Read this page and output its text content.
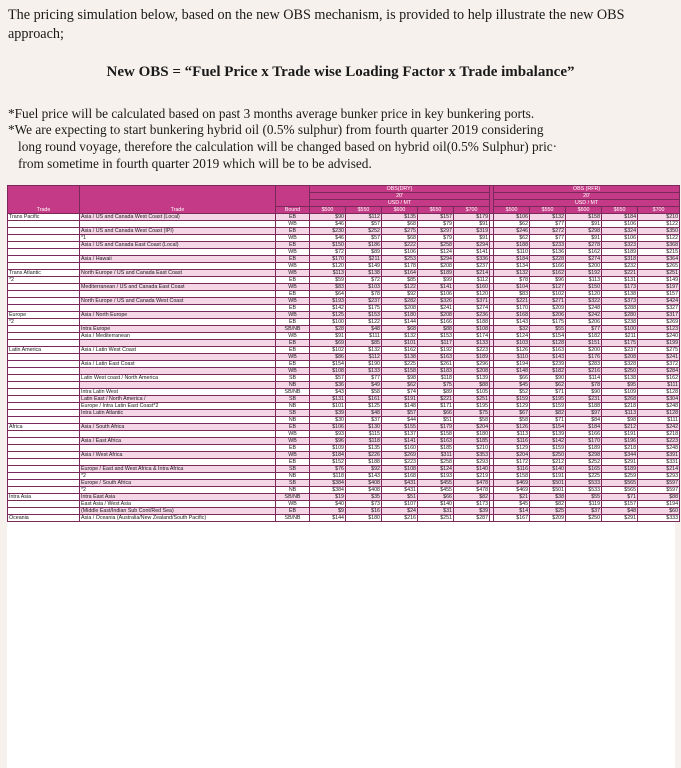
The pricing simulation below, based on the new OBS mechanism, is provided to help illustrate the new OBS approach;

New OBS = “Fuel Price x Trade wise Loading Factor x Trade imbalance”

*Fuel price will be calculated based on past 3 months average bunker price in key bunkering ports.

*We are expecting to start bunkering hybrid oil (0.5% sulphur) from fourth quarter 2019 considering

long round voyage, therefore the calculation will be changed based on hybrid oil(0.5% Sulphur) pric·

from sometime in fourth quarter 2019 which will be to be advised.

Trade	Trade		OBS(DRY)						OBS (RFR)				
			20'						20'				
			USD / MT						USD / MT				
		Bound	$500	$550	$600	$650	$700		$500	$550	$600	$650	$700
Trans Pacific	Asia / US and Canada West Coast (Local)	EB	$90	$112	$135	$157	$179		$106	$132	$158	$184	$210
		WB	$46	$57	$68	$79	$91		$62	$77	$91	$106	$122
	Asia / US and Canada West Coast (IPI)	EB	$230	$252	$275	$297	$319		$246	$272	$298	$324	$350
	*1	WB	$46	$57	$68	$79	$91		$62	$77	$91	$106	$122
	Asia / US and Canada East Coast (Local)	EB	$150	$186	$222	$258	$294		$188	$233	$278	$323	$368
		WB	$72	$89	$106	$124	$141		$110	$136	$162	$189	$215
	Asia / Hawaii	EB	$170	$211	$253	$294	$336		$184	$228	$274	$318	$364
		WB	$120	$149	$178	$208	$237		$134	$166	$200	$232	$265
Trans Atlantic	North Europe / US and Canada East Coast	WB	$113	$138	$164	$189	$214		$132	$162	$192	$221	$251
*2		EB	$59	$72	$85	$99	$112		$78	$96	$113	$131	$149
	Mediterranean / US and Canada East Coast	WB	$83	$103	$122	$141	$160		$104	$127	$150	$173	$197
		EB	$64	$78	$92	$106	$120		$83	$102	$120	$138	$157
	North Europe / US and Canada West Coast	WB	$193	$237	$282	$326	$371		$221	$271	$322	$373	$424
		EB	$142	$175	$208	$241	$274		$170	$209	$248	$288	$327
Europe	Asia / North Europe	WB	$125	$153	$180	$208	$236		$168	$206	$242	$280	$317
*2		EB	$100	$122	$144	$166	$188		$143	$175	$206	$238	$269
	Intra Europe	SB/NB	$28	$48	$68	$88	$108		$32	$55	$77	$100	$123
	Asia / Mediterranean	WB	$91	$111	$132	$153	$174		$124	$154	$182	$211	$240
		EB	$69	$85	$101	$117	$133		$103	$128	$151	$175	$199
Latin America	Asia / Latin West Coast	EB	$102	$132	$162	$192	$223		$126	$163	$200	$237	$275
		WB	$86	$112	$138	$163	$189		$110	$143	$176	$208	$241
	Asia / Latin East Coast	EB	$154	$190	$225	$261	$296		$194	$239	$283	$328	$372
		WB	$108	$133	$158	$183	$208		$148	$182	$216	$250	$284
	Latin West coast / North America	SB	$57	$77	$98	$118	$139		$66	$90	$114	$138	$162
		NB	$36	$49	$62	$75	$88		$45	$62	$78	$95	$111
	Intra Latin West	SB/NB	$43	$58	$74	$89	$105		$52	$71	$90	$109	$128
	Latin East / North America /	SB	$131	$161	$191	$221	$251		$159	$195	$231	$268	$304
	Europe / Intra Latin East Coast*2	NB	$101	$125	$148	$171	$195		$129	$159	$188	$218	$248
	Intra Latin Atlantic	SB	$39	$48	$57	$66	$75		$67	$82	$97	$113	$128
		NB	$30	$37	$44	$51	$58		$58	$71	$84	$98	$111
Africa	Asia / South Africa	EB	$106	$130	$155	$179	$204		$126	$154	$184	$212	$242
		WB	$93	$115	$137	$158	$180		$113	$139	$166	$191	$218
	Asia / East Africa	WB	$96	$118	$141	$163	$185		$116	$142	$170	$196	$223
		EB	$109	$135	$160	$185	$210		$129	$159	$189	$218	$248
	Asia / West Africa	WB	$184	$226	$269	$311	$353		$204	$250	$298	$344	$391
		EB	$152	$188	$223	$258	$293		$172	$212	$252	$291	$331
	Europe / East and West Africa & Intra Africa	SB	$76	$92	$108	$124	$140		$116	$140	$165	$189	$214
	*2	NB	$118	$143	$168	$193	$219		$158	$191	$225	$259	$293
	Europe / South Africa	SB	$384	$408	$431	$455	$478		$469	$501	$533	$565	$597
	*2	NB	$384	$408	$431	$455	$478		$469	$501	$533	$565	$597
Intra Asia	Intra East Asia	SB/NB	$19	$35	$51	$66	$82		$21	$38	$55	$71	$88
	East Asia / West Asia	WB	$40	$73	$107	$140	$173		$45	$82	$119	$157	$194
	(Middle East/Indian Sub Cont/Red Sea)	EB	$9	$16	$24	$31	$39		$14	$25	$37	$48	$60
Oceania	Asia / Oceania (Australia/New Zealand/South Pacific)	SB/NB	$144	$180	$216	$251	$287		$167	$209	$250	$291	$333
